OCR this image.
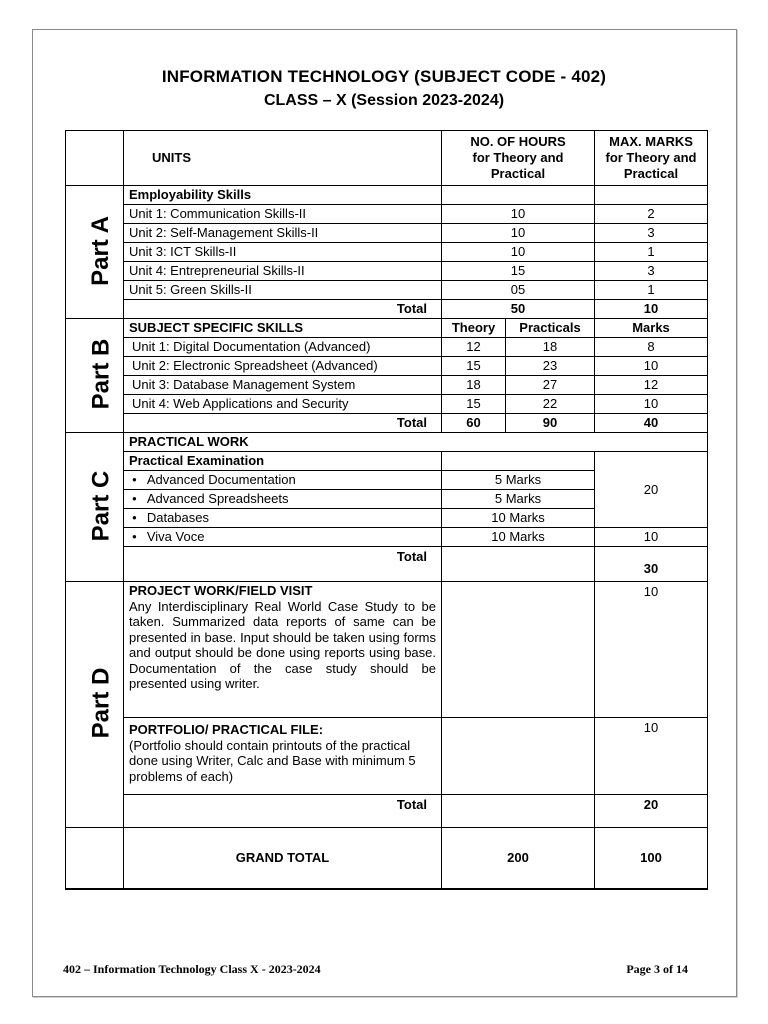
INFORMATION TECHNOLOGY (SUBJECT CODE - 402)
CLASS – X (Session 2023-2024)
	UNITS	NO. OF HOURS for Theory and Practical		MAX. MARKS for Theory and Practical
Part A	Employability Skills			
	Unit 1: Communication Skills-II	10		2
	Unit 2: Self-Management Skills-II	10		3
	Unit 3: ICT Skills-II	10		1
	Unit 4: Entrepreneurial Skills-II	15		3
	Unit 5: Green Skills-II	05		1
	Total	50		10
Part B	SUBJECT SPECIFIC SKILLS	Theory	Practicals	Marks
	Unit 1: Digital Documentation (Advanced)	12	18	8
	Unit 2: Electronic Spreadsheet (Advanced)	15	23	10
	Unit 3: Database Management System	18	27	12
	Unit 4: Web Applications and Security	15	22	10
	Total	60	90	40
Part C	PRACTICAL WORK			
	Practical Examination			20
● Advanced Documentation	5 Marks		
● Advanced Spreadsheets	5 Marks		
● Databases	10 Marks		
● Viva Voce	10 Marks		10
	Total			30
Part D	PROJECT WORK/FIELD VISIT
Any Interdisciplinary Real World Case Study to be taken. Summarized data reports of same can be presented in base. Input should be taken using forms and output should be done using reports using base. Documentation of the case study should be presented using writer.			10

	PORTFOLIO/ PRACTICAL FILE:
(Portfolio should contain printouts of the practical done using Writer, Calc and Base with minimum 5 problems of each)			10
	Total			20
	GRAND TOTAL	200		100
402 – Information Technology Class X - 2023-2024	Page 3 of 14
